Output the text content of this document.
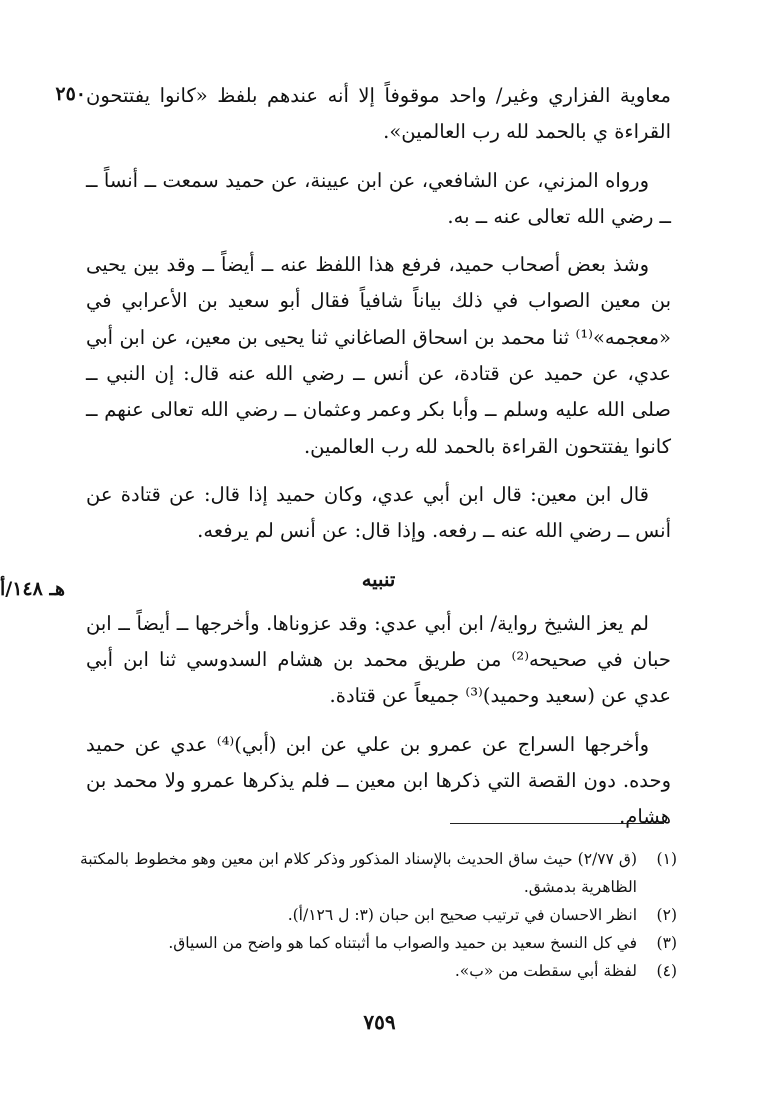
٢٥٠
هـ ١٤٨/أ

معاوية الفزاري وغير/ واحد موقوفاً إلا أنه عندهم بلفظ «كانوا يفتتحون القراءة ي بالحمد لله رب العالمين».

ورواه المزني، عن الشافعي، عن ابن عيينة، عن حميد سمعت ــ أنساً ــ ــ رضي الله تعالى عنه ــ به.

وشذ بعض أصحاب حميد، فرفع هذا اللفظ عنه ــ أيضاً ــ وقد بين يحيى بن معين الصواب في ذلك بياناً شافياً فقال أبو سعيد بن الأعرابي في «معجمه»⁽¹⁾ ثنا محمد بن اسحاق الصاغاني ثنا يحيى بن معين، عن ابن أبي عدي، عن حميد عن قتادة، عن أنس ــ رضي الله عنه قال: إن النبي ــ صلى الله عليه وسلم ــ وأبا بكر وعمر وعثمان ــ رضي الله تعالى عنهم ــ كانوا يفتتحون القراءة بالحمد لله رب العالمين.

قال ابن معين: قال ابن أبي عدي، وكان حميد إذا قال: عن قتادة عن أنس ــ رضي الله عنه ــ رفعه. وإذا قال: عن أنس لم يرفعه.

تنبيه

لم يعز الشيخ رواية/ ابن أبي عدي: وقد عزوناها. وأخرجها ــ أيضاً ــ ابن حبان في صحيحه⁽²⁾ من طريق محمد بن هشام السدوسي ثنا ابن أبي عدي عن (سعيد وحميد)⁽³⁾ جميعاً عن قتادة.

وأخرجها السراج عن عمرو بن علي عن ابن (أبي)⁽⁴⁾ عدي عن حميد وحده. دون القصة التي ذكرها ابن معين ــ فلم يذكرها عمرو ولا محمد بن هشام.

(١)
(ق ٢/٧٧) حيث ساق الحديث بالإسناد المذكور وذكر كلام ابن معين وهو مخطوط بالمكتبة الظاهرية بدمشق.
(٢)
انظر الاحسان في ترتيب صحيح ابن حبان (٣: ل ١٢٦/أ).
(٣)
في كل النسخ سعيد بن حميد والصواب ما أثبتناه كما هو واضح من السياق.
(٤)
لفظة أبي سقطت من «ب».
٧٥٩
